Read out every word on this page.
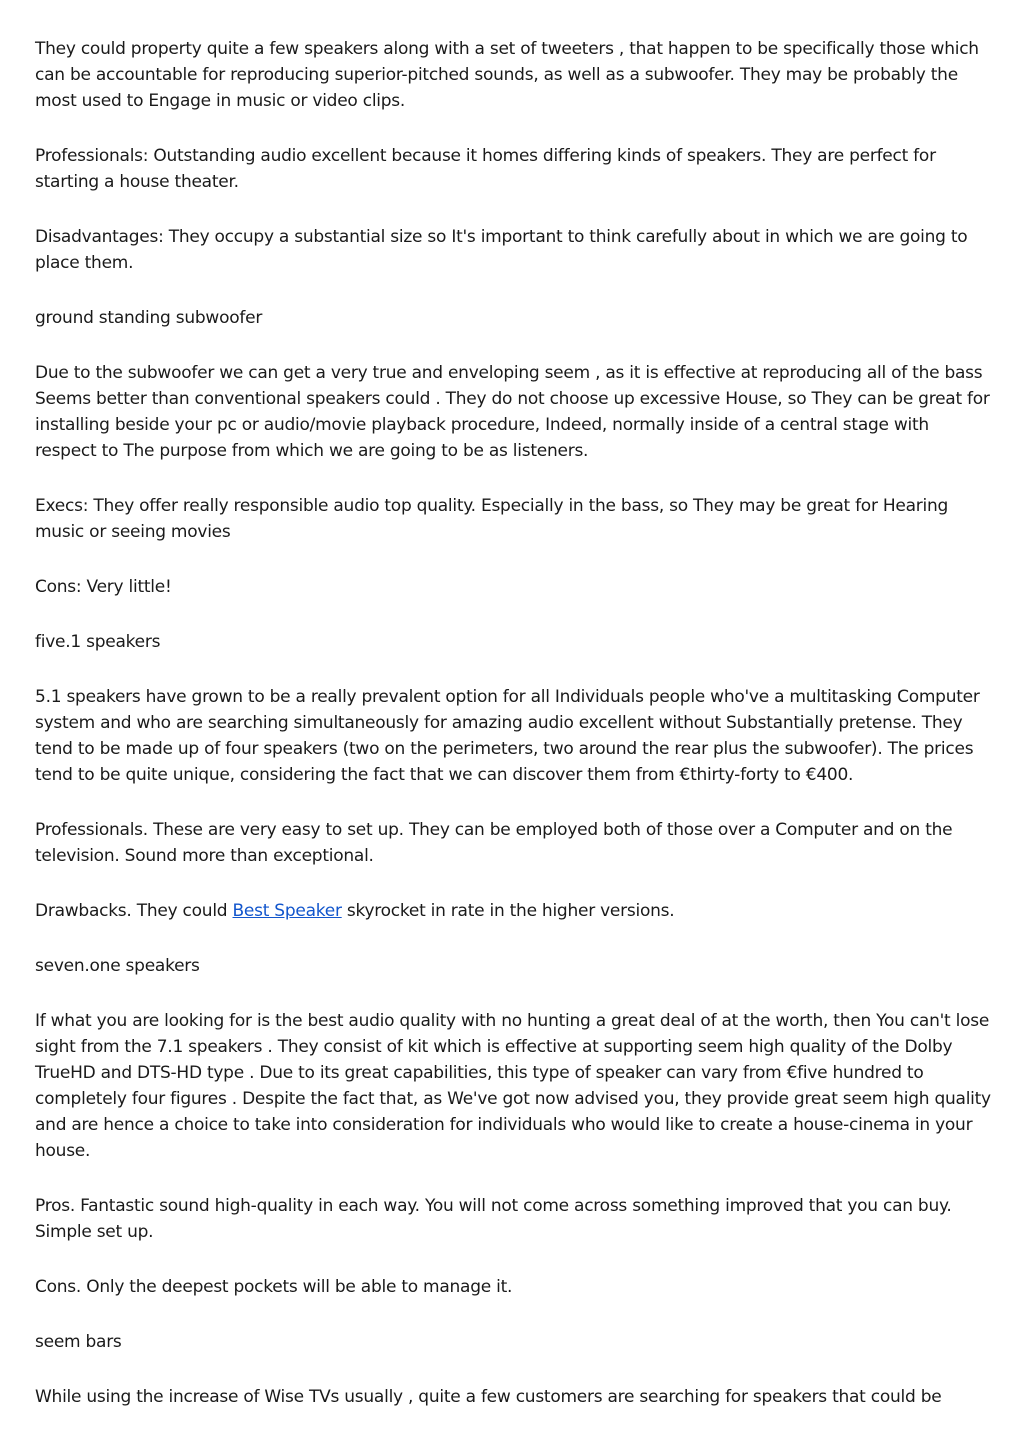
They could property quite a few speakers along with a set of tweeters , that happen to be specifically those which can be accountable for reproducing superior-pitched sounds, as well as a subwoofer. They may be probably the most used to Engage in music or video clips.

Professionals: Outstanding audio excellent because it homes differing kinds of speakers. They are perfect for starting a house theater.

Disadvantages: They occupy a substantial size so It's important to think carefully about in which we are going to place them.

ground standing subwoofer

Due to the subwoofer we can get a very true and enveloping seem , as it is effective at reproducing all of the bass Seems better than conventional speakers could . They do not choose up excessive House, so They can be great for installing beside your pc or audio/movie playback procedure, Indeed, normally inside of a central stage with respect to The purpose from which we are going to be as listeners.

Execs: They offer really responsible audio top quality. Especially in the bass, so They may be great for Hearing music or seeing movies

Cons: Very little!

five.1 speakers

5.1 speakers have grown to be a really prevalent option for all Individuals people who've a multitasking Computer system and who are searching simultaneously for amazing audio excellent without Substantially pretense. They tend to be made up of four speakers (two on the perimeters, two around the rear plus the subwoofer). The prices tend to be quite unique, considering the fact that we can discover them from €thirty-forty to €400.

Professionals. These are very easy to set up. They can be employed both of those over a Computer and on the television. Sound more than exceptional.

Drawbacks. They could Best Speaker skyrocket in rate in the higher versions.

seven.one speakers

If what you are looking for is the best audio quality with no hunting a great deal of at the worth, then You can't lose sight from the 7.1 speakers . They consist of kit which is effective at supporting seem high quality of the Dolby TrueHD and DTS-HD type . Due to its great capabilities, this type of speaker can vary from €five hundred to completely four figures . Despite the fact that, as We've got now advised you, they provide great seem high quality and are hence a choice to take into consideration for individuals who would like to create a house-cinema in your house.

Pros. Fantastic sound high-quality in each way. You will not come across something improved that you can buy. Simple set up.

Cons. Only the deepest pockets will be able to manage it.

seem bars

While using the increase of Wise TVs usually , quite a few customers are searching for speakers that could be
